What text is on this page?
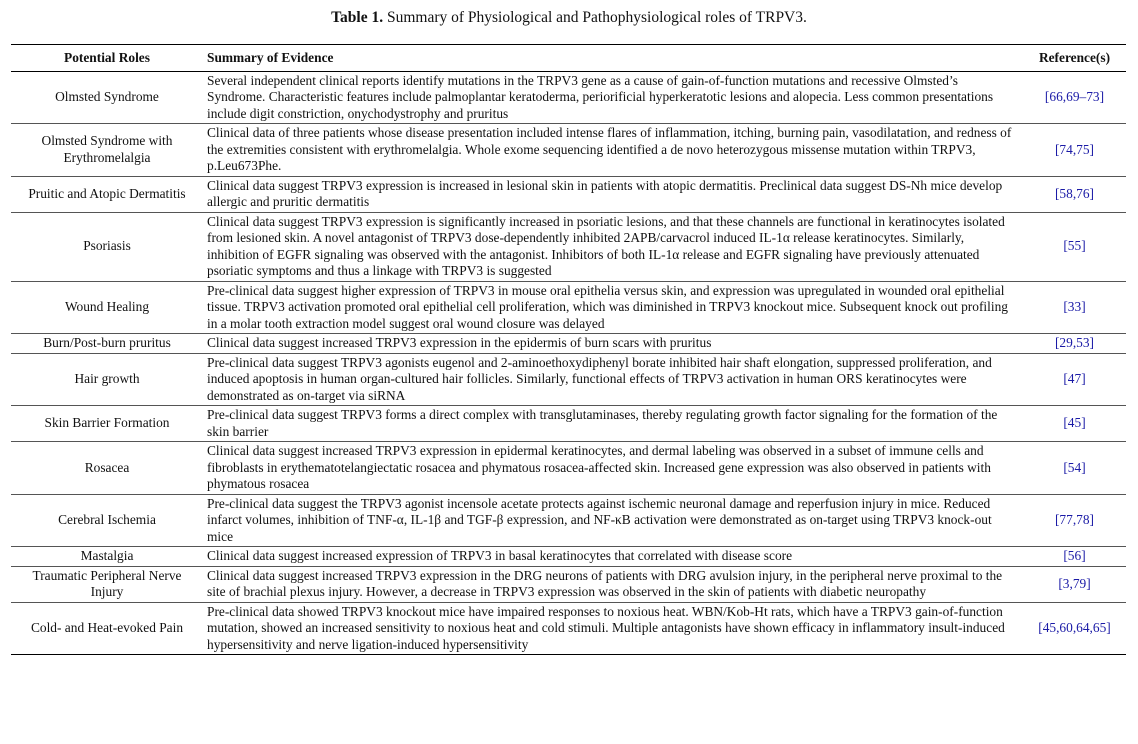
Table 1. Summary of Physiological and Pathophysiological roles of TRPV3.
Potential Roles	Summary of Evidence	Reference(s)
Olmsted Syndrome	Several independent clinical reports identify mutations in the TRPV3 gene as a cause of gain-of-function mutations and recessive Olmsted’s Syndrome. Characteristic features include palmoplantar keratoderma, periorificial hyperkeratotic lesions and alopecia. Less common presentations include digit constriction, onychodystrophy and pruritus	[66,69–73]
Olmsted Syndrome with Erythromelalgia	Clinical data of three patients whose disease presentation included intense flares of inflammation, itching, burning pain, vasodilatation, and redness of the extremities consistent with erythromelalgia. Whole exome sequencing identified a de novo heterozygous missense mutation within TRPV3, p.Leu673Phe.	[74,75]
Pruitic and Atopic Dermatitis	Clinical data suggest TRPV3 expression is increased in lesional skin in patients with atopic dermatitis. Preclinical data suggest DS-Nh mice develop allergic and pruritic dermatitis	[58,76]
Psoriasis	Clinical data suggest TRPV3 expression is significantly increased in psoriatic lesions, and that these channels are functional in keratinocytes isolated from lesioned skin. A novel antagonist of TRPV3 dose-dependently inhibited 2APB/carvacrol induced IL-1α release keratinocytes. Similarly, inhibition of EGFR signaling was observed with the antagonist. Inhibitors of both IL-1α release and EGFR signaling have previously attenuated psoriatic symptoms and thus a linkage with TRPV3 is suggested	[55]
Wound Healing	Pre-clinical data suggest higher expression of TRPV3 in mouse oral epithelia versus skin, and expression was upregulated in wounded oral epithelial tissue. TRPV3 activation promoted oral epithelial cell proliferation, which was diminished in TRPV3 knockout mice. Subsequent knock out profiling in a molar tooth extraction model suggest oral wound closure was delayed	[33]
Burn/Post-burn pruritus	Clinical data suggest increased TRPV3 expression in the epidermis of burn scars with pruritus	[29,53]
Hair growth	Pre-clinical data suggest TRPV3 agonists eugenol and 2-aminoethoxydiphenyl borate inhibited hair shaft elongation, suppressed proliferation, and induced apoptosis in human organ-cultured hair follicles. Similarly, functional effects of TRPV3 activation in human ORS keratinocytes were demonstrated as on-target via siRNA	[47]
Skin Barrier Formation	Pre-clinical data suggest TRPV3 forms a direct complex with transglutaminases, thereby regulating growth factor signaling for the formation of the skin barrier	[45]
Rosacea	Clinical data suggest increased TRPV3 expression in epidermal keratinocytes, and dermal labeling was observed in a subset of immune cells and fibroblasts in erythematotelangiectatic rosacea and phymatous rosacea-affected skin. Increased gene expression was also observed in patients with phymatous rosacea	[54]
Cerebral Ischemia	Pre-clinical data suggest the TRPV3 agonist incensole acetate protects against ischemic neuronal damage and reperfusion injury in mice. Reduced infarct volumes, inhibition of TNF-α, IL-1β and TGF-β expression, and NF-κB activation were demonstrated as on-target using TRPV3 knock-out mice	[77,78]
Mastalgia	Clinical data suggest increased expression of TRPV3 in basal keratinocytes that correlated with disease score	[56]
Traumatic Peripheral Nerve Injury	Clinical data suggest increased TRPV3 expression in the DRG neurons of patients with DRG avulsion injury, in the peripheral nerve proximal to the site of brachial plexus injury. However, a decrease in TRPV3 expression was observed in the skin of patients with diabetic neuropathy	[3,79]
Cold- and Heat-evoked Pain	Pre-clinical data showed TRPV3 knockout mice have impaired responses to noxious heat. WBN/Kob-Ht rats, which have a TRPV3 gain-of-function mutation, showed an increased sensitivity to noxious heat and cold stimuli. Multiple antagonists have shown efficacy in inflammatory insult-induced hypersensitivity and nerve ligation-induced hypersensitivity	[45,60,64,65]
